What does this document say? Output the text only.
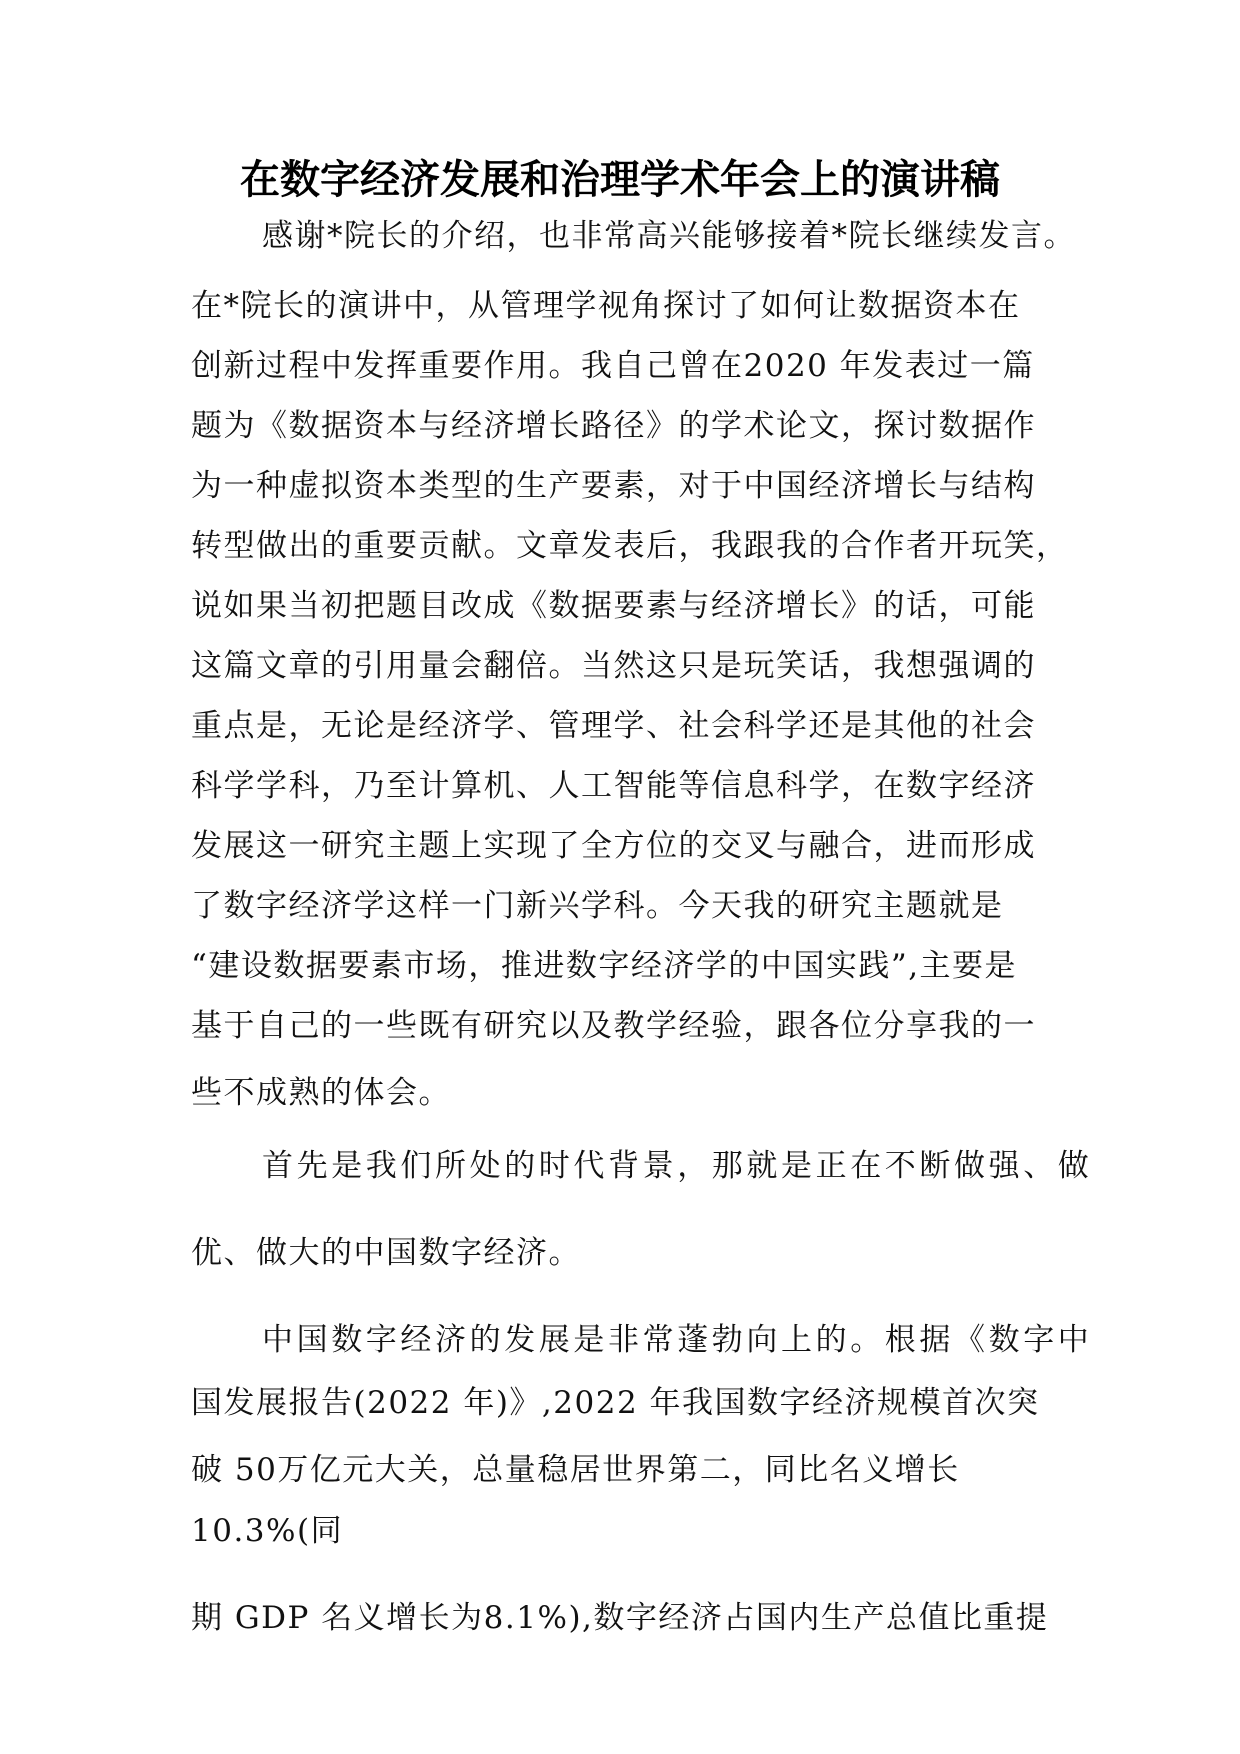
在数字经济发展和治理学术年会上的演讲稿
感谢*院长的介绍，也非常高兴能够接着*院长继续发言。
在*院长的演讲中，从管理学视角探讨了如何让数据资本在
创新过程中发挥重要作用。我自己曾在2020 年发表过一篇
题为《数据资本与经济增长路径》的学术论文，探讨数据作
为一种虚拟资本类型的生产要素，对于中国经济增长与结构
转型做出的重要贡献。文章发表后，我跟我的合作者开玩笑，
说如果当初把题目改成《数据要素与经济增长》的话，可能
这篇文章的引用量会翻倍。当然这只是玩笑话，我想强调的
重点是，无论是经济学、管理学、社会科学还是其他的社会
科学学科，乃至计算机、人工智能等信息科学，在数字经济
发展这一研究主题上实现了全方位的交叉与融合，进而形成
了数字经济学这样一门新兴学科。今天我的研究主题就是
“建设数据要素市场，推进数字经济学的中国实践”,主要是
基于自己的一些既有研究以及教学经验，跟各位分享我的一
些不成熟的体会。
首先是我们所处的时代背景，那就是正在不断做强、做
优、做大的中国数字经济。
中国数字经济的发展是非常蓬勃向上的。根据《数字中
国发展报告(2022 年)》,2022 年我国数字经济规模首次突
破 50万亿元大关，总量稳居世界第二，同比名义增长
10.3%(同
期 GDP 名义增长为8.1%),数字经济占国内生产总值比重提
